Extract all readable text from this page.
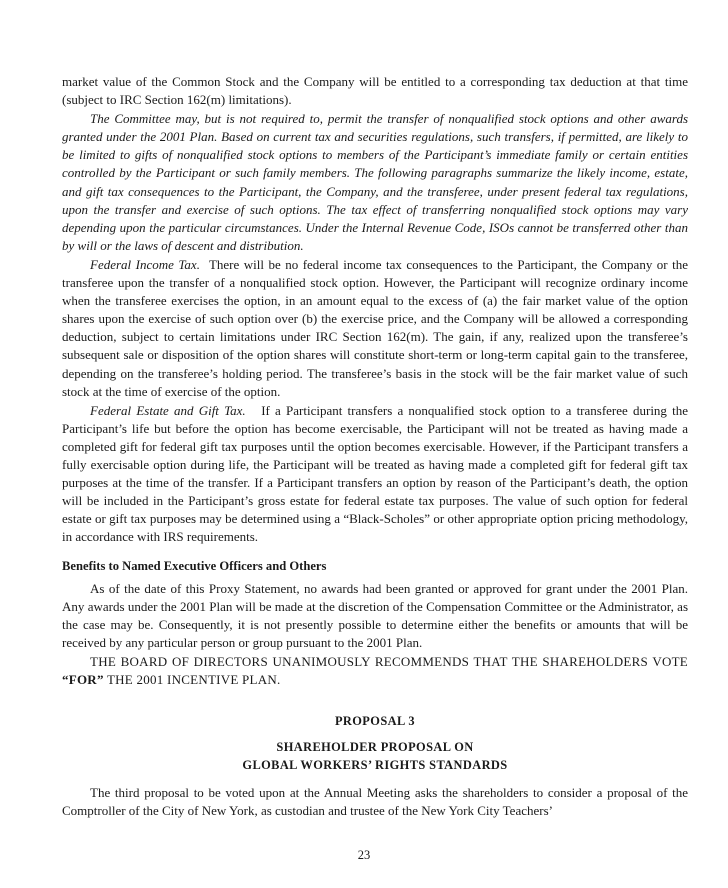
market value of the Common Stock and the Company will be entitled to a corresponding tax deduction at that time (subject to IRC Section 162(m) limitations).

The Committee may, but is not required to, permit the transfer of nonqualified stock options and other awards granted under the 2001 Plan. Based on current tax and securities regulations, such transfers, if permitted, are likely to be limited to gifts of nonqualified stock options to members of the Participant’s immediate family or certain entities controlled by the Participant or such family members. The following paragraphs summarize the likely income, estate, and gift tax consequences to the Participant, the Company, and the transferee, under present federal tax regulations, upon the transfer and exercise of such options. The tax effect of transferring nonqualified stock options may vary depending upon the particular circumstances. Under the Internal Revenue Code, ISOs cannot be transferred other than by will or the laws of descent and distribution.

Federal Income Tax. There will be no federal income tax consequences to the Participant, the Company or the transferee upon the transfer of a nonqualified stock option. However, the Participant will recognize ordinary income when the transferee exercises the option, in an amount equal to the excess of (a) the fair market value of the option shares upon the exercise of such option over (b) the exercise price, and the Company will be allowed a corresponding deduction, subject to certain limitations under IRC Section 162(m). The gain, if any, realized upon the transferee’s subsequent sale or disposition of the option shares will constitute short-term or long-term capital gain to the transferee, depending on the transferee’s holding period. The transferee’s basis in the stock will be the fair market value of such stock at the time of exercise of the option.

Federal Estate and Gift Tax. If a Participant transfers a nonqualified stock option to a transferee during the Participant’s life but before the option has become exercisable, the Participant will not be treated as having made a completed gift for federal gift tax purposes until the option becomes exercisable. However, if the Participant transfers a fully exercisable option during life, the Participant will be treated as having made a completed gift for federal gift tax purposes at the time of the transfer. If a Participant transfers an option by reason of the Participant’s death, the option will be included in the Participant’s gross estate for federal estate tax purposes. The value of such option for federal estate or gift tax purposes may be determined using a “Black-Scholes” or other appropriate option pricing methodology, in accordance with IRS requirements.

Benefits to Named Executive Officers and Others

As of the date of this Proxy Statement, no awards had been granted or approved for grant under the 2001 Plan. Any awards under the 2001 Plan will be made at the discretion of the Compensation Committee or the Administrator, as the case may be. Consequently, it is not presently possible to determine either the benefits or amounts that will be received by any particular person or group pursuant to the 2001 Plan.

THE BOARD OF DIRECTORS UNANIMOUSLY RECOMMENDS THAT THE SHAREHOLDERS VOTE “FOR” THE 2001 INCENTIVE PLAN.

PROPOSAL 3
SHAREHOLDER PROPOSAL ON
GLOBAL WORKERS’ RIGHTS STANDARDS

The third proposal to be voted upon at the Annual Meeting asks the shareholders to consider a proposal of the Comptroller of the City of New York, as custodian and trustee of the New York City Teachers’

23
